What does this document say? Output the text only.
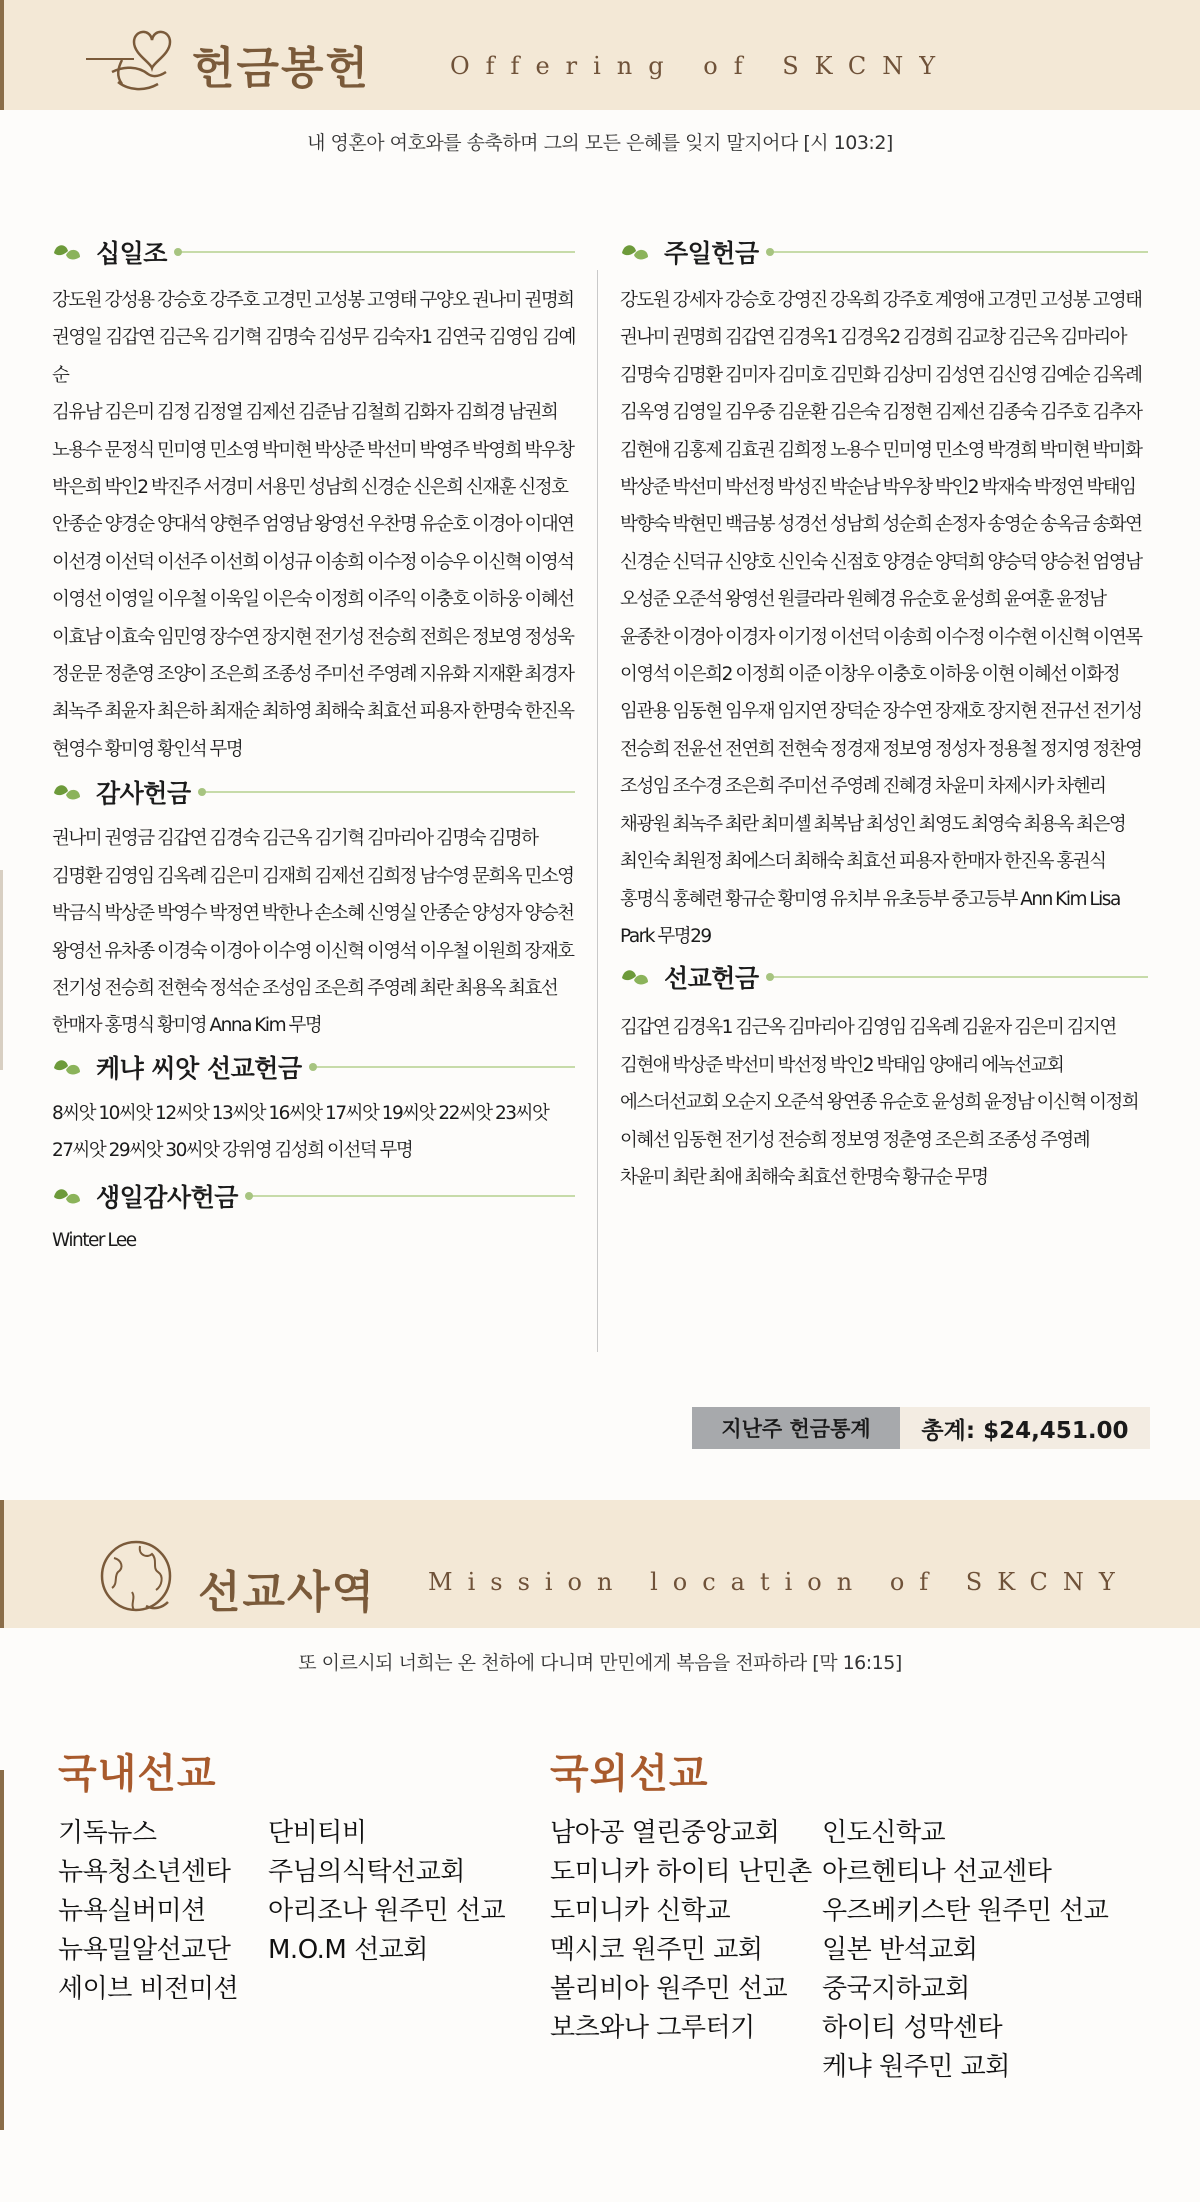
헌금봉헌	Offering of SKCNY
내 영혼아 여호와를 송축하며 그의 모든 은혜를 잊지 말지어다 [시 103:2]
십일조
강도원 강성용 강승호 강주호 고경민 고성봉 고영태 구양오 권나미 권명희
권영일 김갑연 김근옥 김기혁 김명숙 김성무 김숙자1 김연국 김영임 김예순
김유남 김은미 김정 김정열 김제선 김준남 김철희 김화자 김희경 남권희
노용수 문정식 민미영 민소영 박미현 박상준 박선미 박영주 박영희 박우창
박은희 박인2 박진주 서경미 서용민 성남희 신경순 신은희 신재훈 신정호
안종순 양경순 양대석 양현주 엄영남 왕영선 우찬명 유순호 이경아 이대연
이선경 이선덕 이선주 이선희 이성규 이송희 이수정 이승우 이신혁 이영석
이영선 이영일 이우철 이욱일 이은숙 이정희 이주익 이충호 이하웅 이혜선
이효남 이효숙 임민영 장수연 장지현 전기성 전승희 전희은 정보영 정성욱
정운문 정춘영 조양이 조은희 조종성 주미선 주영례 지유화 지재환 최경자
최녹주 최윤자 최은하 최재순 최하영 최해숙 최효선 피용자 한명숙 한진옥
현영수 황미영 황인석 무명
감사헌금
권나미 권영금 김갑연 김경숙 김근옥 김기혁 김마리아 김명숙 김명하
김명환 김영임 김옥례 김은미 김재희 김제선 김희정 남수영 문희옥 민소영
박금식 박상준 박영수 박정연 박한나 손소혜 신영실 안종순 양성자 양승천
왕영선 유차종 이경숙 이경아 이수영 이신혁 이영석 이우철 이원희 장재호
전기성 전승희 전현숙 정석순 조성임 조은희 주영례 최란 최용옥 최효선
한매자 홍명식 황미영 Anna Kim 무명
케냐 씨앗 선교헌금
8씨앗 10씨앗 12씨앗 13씨앗 16씨앗 17씨앗 19씨앗 22씨앗 23씨앗
27씨앗 29씨앗 30씨앗 강위영 김성희 이선덕 무명
생일감사헌금
Winter Lee
주일헌금
강도원 강세자 강승호 강영진 강옥희 강주호 계영애 고경민 고성봉 고영태
권나미 권명희 김갑연 김경옥1 김경옥2 김경희 김교창 김근옥 김마리아
김명숙 김명환 김미자 김미호 김민화 김상미 김성연 김신영 김예순 김옥례
김옥영 김영일 김우중 김운환 김은숙 김정현 김제선 김종숙 김주호 김추자
김현애 김홍제 김효권 김희정 노용수 민미영 민소영 박경희 박미현 박미화
박상준 박선미 박선정 박성진 박순남 박우창 박인2 박재숙 박정연 박태임
박향숙 박현민 백금봉 성경선 성남희 성순희 손정자 송영순 송옥금 송화연
신경순 신덕규 신양호 신인숙 신점호 양경순 양덕희 양승덕 양승천 엄영남
오성준 오준석 왕영선 원클라라 원혜경 유순호 윤성희 윤여훈 윤정남
윤종찬 이경아 이경자 이기정 이선덕 이송희 이수정 이수현 이신혁 이연목
이영석 이은희2 이정희 이준 이창우 이충호 이하웅 이현 이혜선 이화정
임관용 임동현 임우재 임지연 장덕순 장수연 장재호 장지현 전규선 전기성
전승희 전윤선 전연희 전현숙 정경재 정보영 정성자 정용철 정지영 정찬영
조성임 조수경 조은희 주미선 주영례 진혜경 차윤미 차제시카 차헨리
채광원 최녹주 최란 최미셸 최복남 최성인 최영도 최영숙 최용옥 최은영
최인숙 최원정 최에스더 최해숙 최효선 피용자 한매자 한진옥 홍권식
홍명식 홍혜련 황규순 황미영 유치부 유초등부 중고등부 Ann Kim Lisa
Park 무명29
선교헌금
김갑연 김경옥1 김근옥 김마리아 김영임 김옥례 김윤자 김은미 김지연
김현애 박상준 박선미 박선정 박인2 박태임 양애리 에녹선교회
에스더선교회 오순지 오준석 왕연종 유순호 윤성희 윤정남 이신혁 이정희
이혜선 임동현 전기성 전승희 정보영 정춘영 조은희 조종성 주영례
차윤미 최란 최애 최해숙 최효선 한명숙 황규순 무명
지난주 헌금통계	총계: $24,451.00
선교사역 Mission location of SKCNY
또 이르시되 너희는 온 천하에 다니며 만민에게 복음을 전파하라 [막 16:15]
국내선교
기독뉴스
뉴욕청소년센타
뉴욕실버미션
뉴욕밀알선교단
세이브 비전미션
단비티비
주님의식탁선교회
아리조나 원주민 선교
M.O.M 선교회
국외선교
남아공 열린중앙교회
도미니카 하이티 난민촌
도미니카 신학교
멕시코 원주민 교회
볼리비아 원주민 선교
보츠와나 그루터기
인도신학교
아르헨티나 선교센타
우즈베키스탄 원주민 선교
일본 반석교회
중국지하교회
하이티 성막센타
케냐 원주민 교회
